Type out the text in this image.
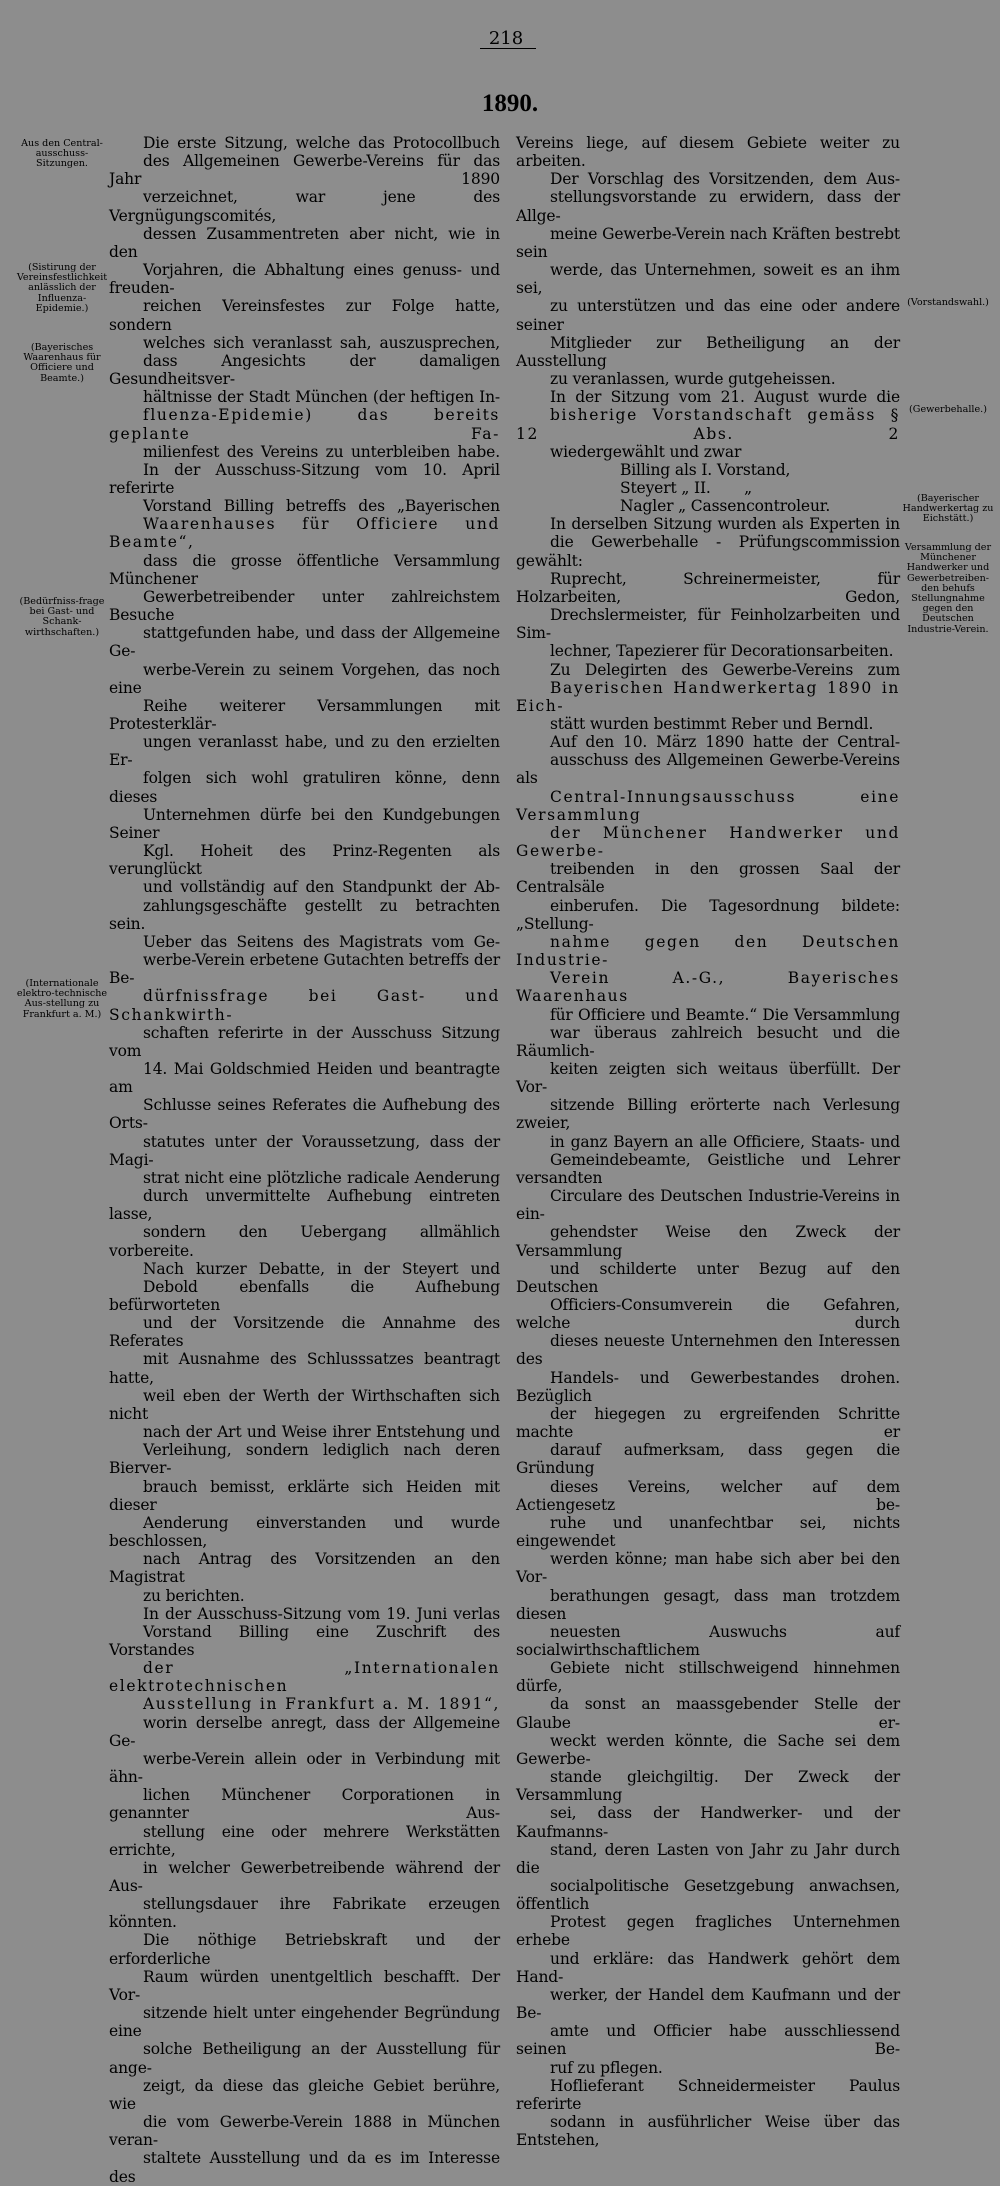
218
1890.
Aus den Central-ausschuss-Sitzungen.
(Sistirung der Vereinsfestlichkeit anlässlich der Influenza-Epidemie.)
(Bayerisches Waarenhaus für Officiere und Beamte.)
(Bedürfniss-frage bei Gast- und Schank-wirthschaften.)
(Internationale elektro-technische Aus-stellung zu Frankfurt a. M.)
(Vorstandswahl.)
(Gewerbehalle.)
(Bayerischer Handwerkertag zu Eichstätt.)
Versammlung der Münchener Handwerker und Gewerbetreiben-den behufs Stellungnahme gegen den Deutschen Industrie-Verein.

Die erste Sitzung, welche das Protocollbuch
des Allgemeinen Gewerbe-Vereins für das Jahr 1890
verzeichnet, war jene des Vergnügungscomités,
dessen Zusammentreten aber nicht, wie in den
Vorjahren, die Abhaltung eines genuss- und freuden-
reichen Vereinsfestes zur Folge hatte, sondern
welches sich veranlasst sah, auszusprechen,
dass Angesichts der damaligen Gesundheitsver-
hältnisse der Stadt München (der heftigen In-
fluenza-Epidemie) das bereits geplante Fa-
milienfest des Vereins zu unterbleiben habe.

In der Ausschuss-Sitzung vom 10. April referirte
Vorstand Billing betreffs des „Bayerischen
Waarenhauses für Officiere und Beamte“,
dass die grosse öffentliche Versammlung Münchener
Gewerbetreibender unter zahlreichstem Besuche
stattgefunden habe, und dass der Allgemeine Ge-
werbe-Verein zu seinem Vorgehen, das noch eine
Reihe weiterer Versammlungen mit Protesterklär-
ungen veranlasst habe, und zu den erzielten Er-
folgen sich wohl gratuliren könne, denn dieses
Unternehmen dürfe bei den Kundgebungen Seiner
Kgl. Hoheit des Prinz-Regenten als verunglückt
und vollständig auf den Standpunkt der Ab-
zahlungsgeschäfte gestellt zu betrachten sein.

Ueber das Seitens des Magistrats vom Ge-
werbe-Verein erbetene Gutachten betreffs der Be-
dürfnissfrage bei Gast- und Schankwirth-
schaften referirte in der Ausschuss Sitzung vom
14. Mai Goldschmied Heiden und beantragte am
Schlusse seines Referates die Aufhebung des Orts-
statutes unter der Voraussetzung, dass der Magi-
strat nicht eine plötzliche radicale Aenderung
durch unvermittelte Aufhebung eintreten lasse,
sondern den Uebergang allmählich vorbereite.

Nach kurzer Debatte, in der Steyert und
Debold ebenfalls die Aufhebung befürworteten
und der Vorsitzende die Annahme des Referates
mit Ausnahme des Schlusssatzes beantragt hatte,
weil eben der Werth der Wirthschaften sich nicht
nach der Art und Weise ihrer Entstehung und
Verleihung, sondern lediglich nach deren Bierver-
brauch bemisst, erklärte sich Heiden mit dieser
Aenderung einverstanden und wurde beschlossen,
nach Antrag des Vorsitzenden an den Magistrat
zu berichten.

In der Ausschuss-Sitzung vom 19. Juni verlas
Vorstand Billing eine Zuschrift des Vorstandes
der „Internationalen elektrotechnischen
Ausstellung in Frankfurt a. M. 1891“,
worin derselbe anregt, dass der Allgemeine Ge-
werbe-Verein allein oder in Verbindung mit ähn-
lichen Münchener Corporationen in genannter Aus-
stellung eine oder mehrere Werkstätten errichte,
in welcher Gewerbetreibende während der Aus-
stellungsdauer ihre Fabrikate erzeugen könnten.
Die nöthige Betriebskraft und der erforderliche
Raum würden unentgeltlich beschafft. Der Vor-
sitzende hielt unter eingehender Begründung eine
solche Betheiligung an der Ausstellung für ange-
zeigt, da diese das gleiche Gebiet berühre, wie
die vom Gewerbe-Verein 1888 in München veran-
staltete Ausstellung und da es im Interesse des

Vereins liege, auf diesem Gebiete weiter zu
arbeiten.

Der Vorschlag des Vorsitzenden, dem Aus-
stellungsvorstande zu erwidern, dass der Allge-
meine Gewerbe-Verein nach Kräften bestrebt sein
werde, das Unternehmen, soweit es an ihm sei,
zu unterstützen und das eine oder andere seiner
Mitglieder zur Betheiligung an der Ausstellung
zu veranlassen, wurde gutgeheissen.

In der Sitzung vom 21. August wurde die
bisherige Vorstandschaft gemäss § 12 Abs. 2
wiedergewählt und zwar

Billing als I. Vorstand,
Steyert „ II.       „
Nagler „ Cassencontroleur.

In derselben Sitzung wurden als Experten in
die Gewerbehalle - Prüfungscommission gewählt:
Ruprecht, Schreinermeister, für Holzarbeiten, Gedon,
Drechslermeister, für Feinholzarbeiten und Sim-
lechner, Tapezierer für Decorationsarbeiten.

Zu Delegirten des Gewerbe-Vereins zum
Bayerischen Handwerkertag 1890 in Eich-
stätt wurden bestimmt Reber und Berndl.

Auf den 10. März 1890 hatte der Central-
ausschuss des Allgemeinen Gewerbe-Vereins als
Central-Innungsausschuss eine Versammlung
der Münchener Handwerker und Gewerbe-
treibenden in den grossen Saal der Centralsäle
einberufen. Die Tagesordnung bildete: „Stellung-
nahme gegen den Deutschen Industrie-
Verein A.-G., Bayerisches Waarenhaus
für Officiere und Beamte.“ Die Versammlung
war überaus zahlreich besucht und die Räumlich-
keiten zeigten sich weitaus überfüllt. Der Vor-
sitzende Billing erörterte nach Verlesung zweier,
in ganz Bayern an alle Officiere, Staats- und
Gemeindebeamte, Geistliche und Lehrer versandten
Circulare des Deutschen Industrie-Vereins in ein-
gehendster Weise den Zweck der Versammlung
und schilderte unter Bezug auf den Deutschen
Officiers-Consumverein die Gefahren, welche durch
dieses neueste Unternehmen den Interessen des
Handels- und Gewerbestandes drohen. Bezüglich
der hiegegen zu ergreifenden Schritte machte er
darauf aufmerksam, dass gegen die Gründung
dieses Vereins, welcher auf dem Actiengesetz be-
ruhe und unanfechtbar sei, nichts eingewendet
werden könne; man habe sich aber bei den Vor-
berathungen gesagt, dass man trotzdem diesen
neuesten Auswuchs auf socialwirthschaftlichem
Gebiete nicht stillschweigend hinnehmen dürfe,
da sonst an maassgebender Stelle der Glaube er-
weckt werden könnte, die Sache sei dem Gewerbe-
stande gleichgiltig. Der Zweck der Versammlung
sei, dass der Handwerker- und der Kaufmanns-
stand, deren Lasten von Jahr zu Jahr durch die
socialpolitische Gesetzgebung anwachsen, öffentlich
Protest gegen fragliches Unternehmen erhebe
und erkläre: das Handwerk gehört dem Hand-
werker, der Handel dem Kaufmann und der Be-
amte und Officier habe ausschliessend seinen Be-
ruf zu pflegen.

Hoflieferant Schneidermeister Paulus referirte
sodann in ausführlicher Weise über das Entstehen,
